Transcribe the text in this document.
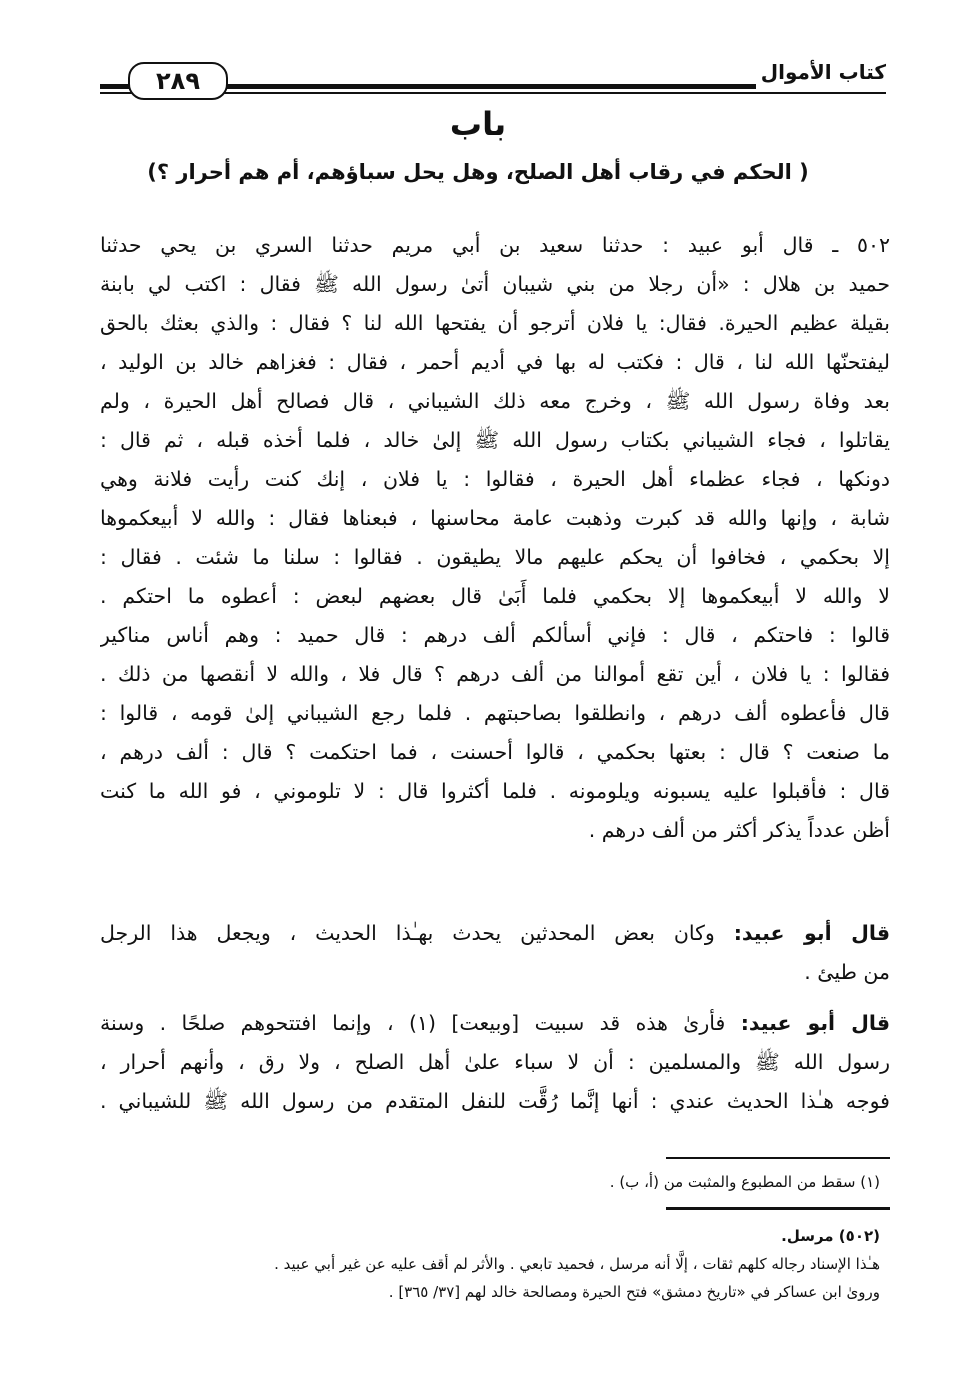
كتاب الأموال
٢٨٩
باب
( الحكم في رقاب أهل الصلح، وهل يحل سباؤهم، أم هم أحرار ؟)
٥٠٢ ـ قال أبو عبيد : حدثنا سعيد بن أبي مريم حدثنا السري بن يحي حدثنا
حميد بن هلال : «أن رجلا من بني شيبان أتىٰ رسول الله ﷺ فقال : اكتب لي بابنة
بقيلة عظيم الحيرة. فقال: يا فلان أترجو أن يفتحها الله لنا ؟ فقال : والذي بعثك بالحق
ليفتحنّها الله لنا ، قال : فكتب له بها في أديم أحمر ، فقال : فغزاهم خالد بن الوليد ،
بعد وفاة رسول الله ﷺ ، وخرج معه ذلك الشيباني ، قال فصالح أهل الحيرة ، ولم
يقاتلوا ، فجاء الشيباني بكتاب رسول الله ﷺ إلىٰ خالد ، فلما أخذه قبله ، ثم قال :
دونكها ، فجاء عظماء أهل الحيرة ، فقالوا : يا فلان ، إنك كنت رأيت فلانة وهي
شابة ، وإنها والله قد كبرت وذهبت عامة محاسنها ، فبعناها فقال : والله لا أبيعكموها
إلا بحكمي ، فخافوا أن يحكم عليهم مالا يطيقون . فقالوا : سلنا ما شئت . فقال :
لا والله لا أبيعكموها إلا بحكمي فلما أَبَىٰ قال بعضهم لبعض : أعطوه ما احتكم .
قالوا : فاحتكم ، قال : فإني أسألكم ألف درهم : قال حميد : وهم أناس مناكير
فقالوا : يا فلان ، أين تقع أموالنا من ألف درهم ؟ قال فلا ، والله لا أنقصها من ذلك .
قال فأعطوه ألف درهم ، وانطلقوا بصاحبتهم . فلما رجع الشيباني إلىٰ قومه ، قالوا :
ما صنعت ؟ قال : بعتها بحكمي ، قالوا أحسنت ، فما احتكمت ؟ قال : ألف درهم ،
قال : فأقبلوا عليه يسبونه ويلومونه . فلما أكثروا قال : لا تلوموني ، فو الله ما كنت
أظن عدداً يذكر أكثر من ألف درهم .
قال أبو عبيد: وكان بعض المحدثين يحدث بهـٰذا الحديث ، ويجعل هذا الرجل
من طيئ .
قال أبو عبيد: فأرىٰ هذه قد سبيت [وبيعت] (١) ، وإنما افتتحوهم صلحًا . وسنة
رسول الله ﷺ والمسلمين : أن لا سباء علىٰ أهل الصلح ، ولا رق ، وأنهم أحرار ،
فوجه هـٰذا الحديث عندي : أنها إنَّما رُقَّت للنفل المتقدم من رسول الله ﷺ للشيباني .
(١) سقط من المطبوع والمثبت من (أ، ب) .
(٥٠٢) مرسل.
هـٰذا الإسناد رجاله كلهم ثقات ، إلَّا أنه مرسل ، فحميد تابعي . والأثر لم أقف عليه عن غير أبي عبيد .
وروىٰ ابن عساكر في «تاريخ دمشق» فتح الحيرة ومصالحة خالد لهم [٣٧/ ٣٦٥] .
